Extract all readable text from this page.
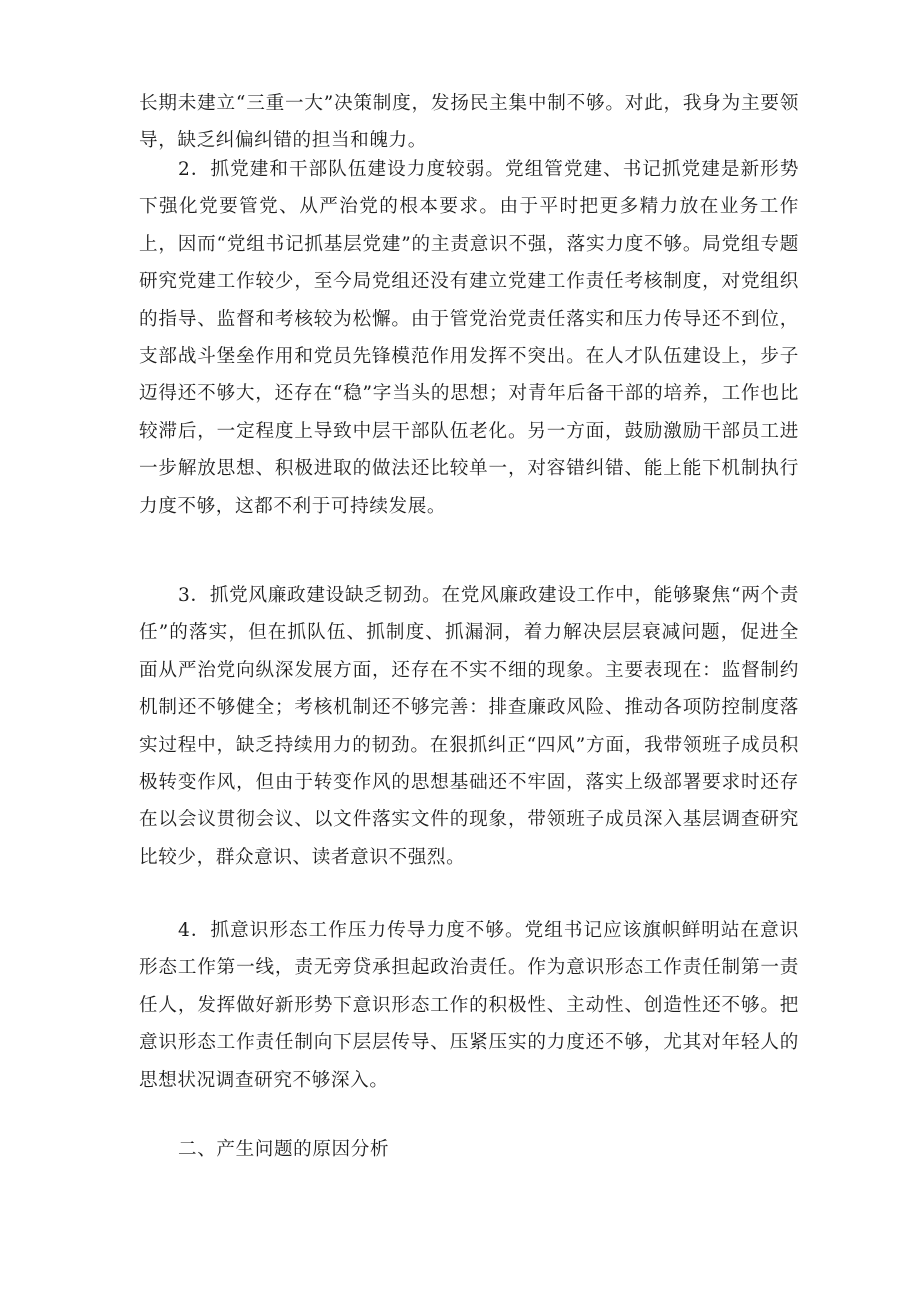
长期未建立“三重一大”决策制度，发扬民主集中制不够。对此，我身为主要领导，缺乏纠偏纠错的担当和魄力。

2．抓党建和干部队伍建设力度较弱。党组管党建、书记抓党建是新形势下强化党要管党、从严治党的根本要求。由于平时把更多精力放在业务工作上，因而“党组书记抓基层党建”的主责意识不强，落实力度不够。局党组专题研究党建工作较少，至今局党组还没有建立党建工作责任考核制度，对党组织的指导、监督和考核较为松懈。由于管党治党责任落实和压力传导还不到位，支部战斗堡垒作用和党员先锋模范作用发挥不突出。在人才队伍建设上，步子迈得还不够大，还存在“稳”字当头的思想；对青年后备干部的培养，工作也比较滞后，一定程度上导致中层干部队伍老化。另一方面，鼓励激励干部员工进一步解放思想、积极进取的做法还比较单一，对容错纠错、能上能下机制执行力度不够，这都不利于可持续发展。

3．抓党风廉政建设缺乏韧劲。在党风廉政建设工作中，能够聚焦“两个责任”的落实，但在抓队伍、抓制度、抓漏洞，着力解决层层衰减问题，促进全面从严治党向纵深发展方面，还存在不实不细的现象。主要表现在：监督制约机制还不够健全；考核机制还不够完善：排查廉政风险、推动各项防控制度落实过程中，缺乏持续用力的韧劲。在狠抓纠正“四风”方面，我带领班子成员积极转变作风，但由于转变作风的思想基础还不牢固，落实上级部署要求时还存在以会议贯彻会议、以文件落实文件的现象，带领班子成员深入基层调查研究比较少，群众意识、读者意识不强烈。

4．抓意识形态工作压力传导力度不够。党组书记应该旗帜鲜明站在意识形态工作第一线，责无旁贷承担起政治责任。作为意识形态工作责任制第一责任人，发挥做好新形势下意识形态工作的积极性、主动性、创造性还不够。把意识形态工作责任制向下层层传导、压紧压实的力度还不够，尤其对年轻人的思想状况调查研究不够深入。

二、产生问题的原因分析
